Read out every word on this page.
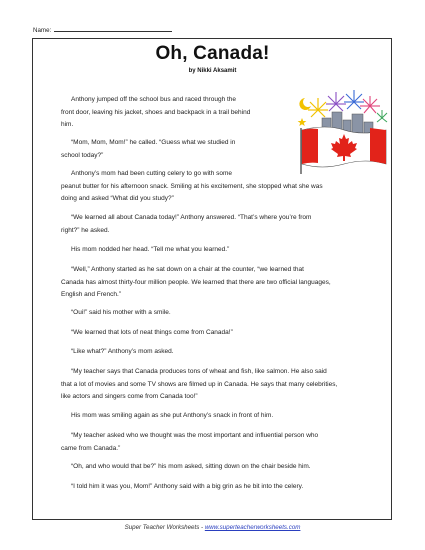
Name:
Oh, Canada!
by Nikki Aksamit

Anthony jumped off the school bus and raced through the
front door, leaving his jacket, shoes and backpack in a trail behind
him.

“Mom, Mom, Mom!” he called. “Guess what we studied in
school today?”

Anthony’s mom had been cutting celery to go with some
peanut butter for his afternoon snack. Smiling at his excitement, she stopped what she was
doing and asked “What did you study?”

“We learned all about Canada today!” Anthony answered. “That’s where you’re from
right?” he asked.

His mom nodded her head. “Tell me what you learned.”

“Well,” Anthony started as he sat down on a chair at the counter, “we learned that
Canada has almost thirty-four million people. We learned that there are two official languages,
English and French.”

“Oui!” said his mother with a smile.

“We learned that lots of neat things come from Canada!”

“Like what?” Anthony’s mom asked.

“My teacher says that Canada produces tons of wheat and fish, like salmon. He also said
that a lot of movies and some TV shows are filmed up in Canada. He says that many celebrities,
like actors and singers come from Canada too!”

His mom was smiling again as she put Anthony’s snack in front of him.

“My teacher asked who we thought was the most important and influential person who
came from Canada.”

“Oh, and who would that be?” his mom asked, sitting down on the chair beside him.

“I told him it was you, Mom!” Anthony said with a big grin as he bit into the celery.

Super Teacher Worksheets - www.superteacherworksheets.com
